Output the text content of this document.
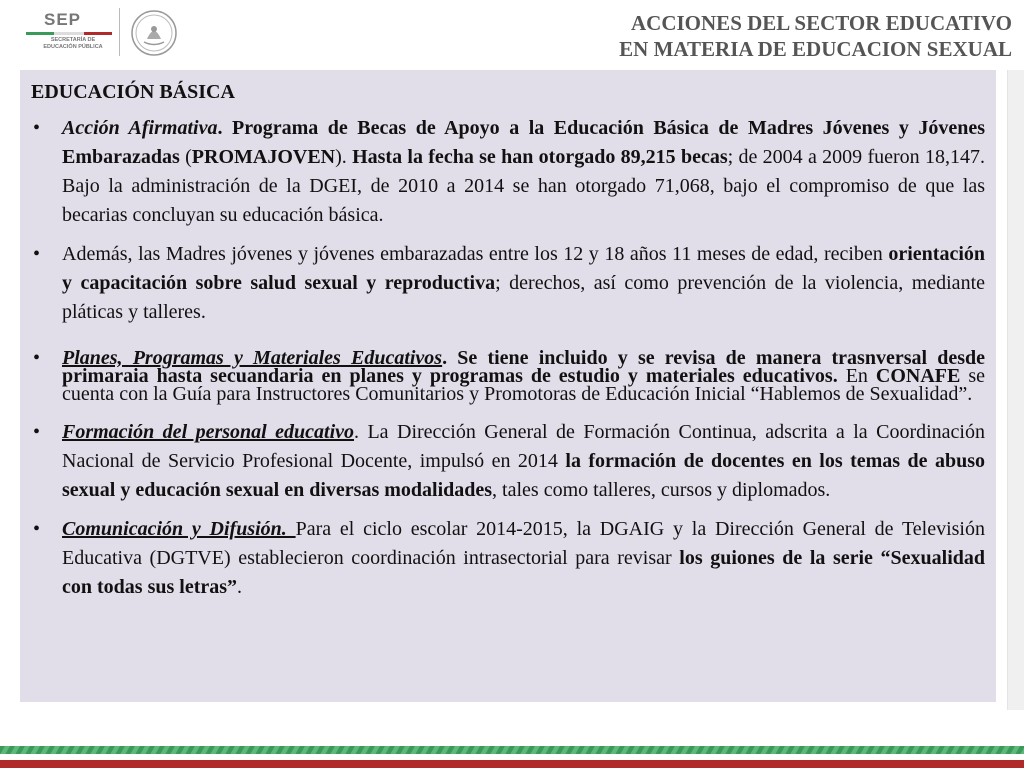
SEP
SECRETARÍA DE
EDUCACIÓN PÚBLICA
ACCIONES DEL SECTOR EDUCATIVO
EN MATERIA DE EDUCACION SEXUAL
EDUCACIÓN BÁSICA
• Acción Afirmativa. Programa de Becas de Apoyo a la Educación Básica de Madres Jóvenes y Jóvenes Embarazadas (PROMAJOVEN). Hasta la fecha se han otorgado 89,215 becas; de 2004 a 2009 fueron 18,147. Bajo la administración de la DGEI, de 2010 a 2014 se han otorgado 71,068, bajo el compromiso de que las becarias concluyan su educación básica.
• Además, las Madres jóvenes y jóvenes embarazadas entre los 12 y 18 años 11 meses de edad, reciben orientación y capacitación sobre salud sexual y reproductiva; derechos, así como prevención de la violencia, mediante pláticas y talleres.
• Planes, Programas y Materiales Educativos. Se tiene incluido y se revisa de manera trasnversal desde primaraia hasta secuandaria en planes y programas de estudio y materiales educativos. En CONAFE se cuenta con la Guía para Instructores Comunitarios y Promotoras de Educación Inicial “Hablemos de Sexualidad”.
• Formación del personal educativo. La Dirección General de Formación Continua, adscrita a la Coordinación Nacional de Servicio Profesional Docente, impulsó en 2014 la formación de docentes en los temas de abuso sexual y educación sexual en diversas modalidades, tales como talleres, cursos y diplomados.
• Comunicación y Difusión. Para el ciclo escolar 2014-2015, la DGAIG y la Dirección General de Televisión Educativa (DGTVE) establecieron coordinación intrasectorial para revisar los guiones de la serie “Sexualidad con todas sus letras”.
